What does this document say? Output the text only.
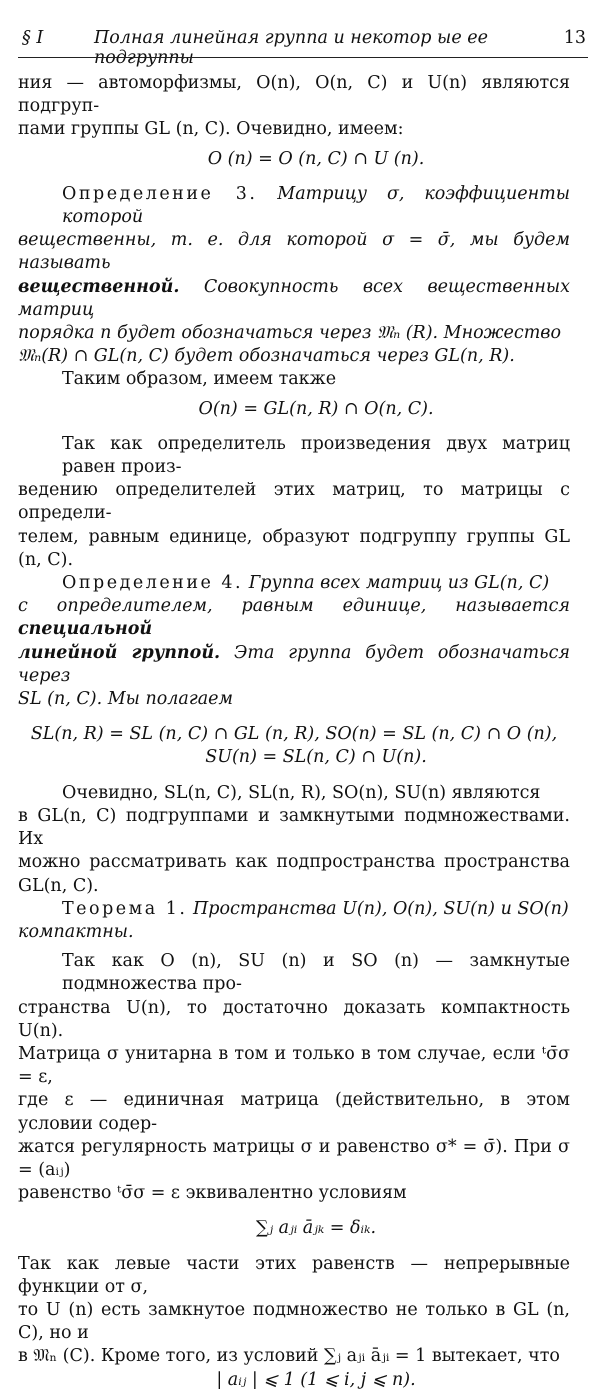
§ I	Полная линейная группа и некотор ые ее подгруппы
13

ния — автоморфизмы, O(n), O(n, C) и U(n) являются подгруп-

пами группы GL (n, C). Очевидно, имеем:

O (n) = O (n, C) ∩ U (n).

Определение 3. Матрицу σ, коэффициенты которой

вещественны, т. е. для которой σ = σ̄, мы будем называть

вещественной. Совокупность всех вещественных матриц

порядка n будет обозначаться через 𝔐ₙ (R). Множество

𝔐ₙ(R) ∩ GL(n, C) будет обозначаться через GL(n, R).

Таким образом, имеем также

O(n) = GL(n, R) ∩ O(n, C).

Так как определитель произведения двух матриц равен произ-

ведению определителей этих матриц, то матрицы с определи-

телем, равным единице, образуют подгруппу группы GL (n, C).

Определение 4. Группа всех матриц из GL(n, C)

с определителем, равным единице, называется специальной

линейной группой. Эта группа будет обозначаться через

SL (n, C). Мы полагаем

SL(n, R) = SL (n, C) ∩ GL (n, R), SO(n) = SL (n, C) ∩ O (n),

SU(n) = SL(n, C) ∩ U(n).

Очевидно, SL(n, C), SL(n, R), SO(n), SU(n) являются

в GL(n, C) подгруппами и замкнутыми подмножествами. Их

можно рассматривать как подпространства пространства GL(n, C).

Теорема 1. Пространства U(n), O(n), SU(n) и SO(n)

компактны.

Так как O (n), SU (n) и SO (n) — замкнутые подмножества про-

странства U(n), то достаточно доказать компактность U(n).

Матрица σ унитарна в том и только в том случае, если ᵗσ̄σ = ε,

где ε — единичная матрица (действительно, в этом условии содер-

жатся регулярность матрицы σ и равенство σ* = σ̄). При σ = (aᵢⱼ)

равенство ᵗσ̄σ = ε эквивалентно условиям

∑ⱼ aⱼᵢ āⱼₖ = δᵢₖ.

Так как левые части этих равенств — непрерывные функции от σ,

то U (n) есть замкнутое подмножество не только в GL (n, C), но и

в 𝔐ₙ (C). Кроме того, из условий ∑ⱼ aⱼᵢ āⱼᵢ = 1 вытекает, что

| aᵢⱼ | ⩽ 1 (1 ⩽ i, j ⩽ n).
